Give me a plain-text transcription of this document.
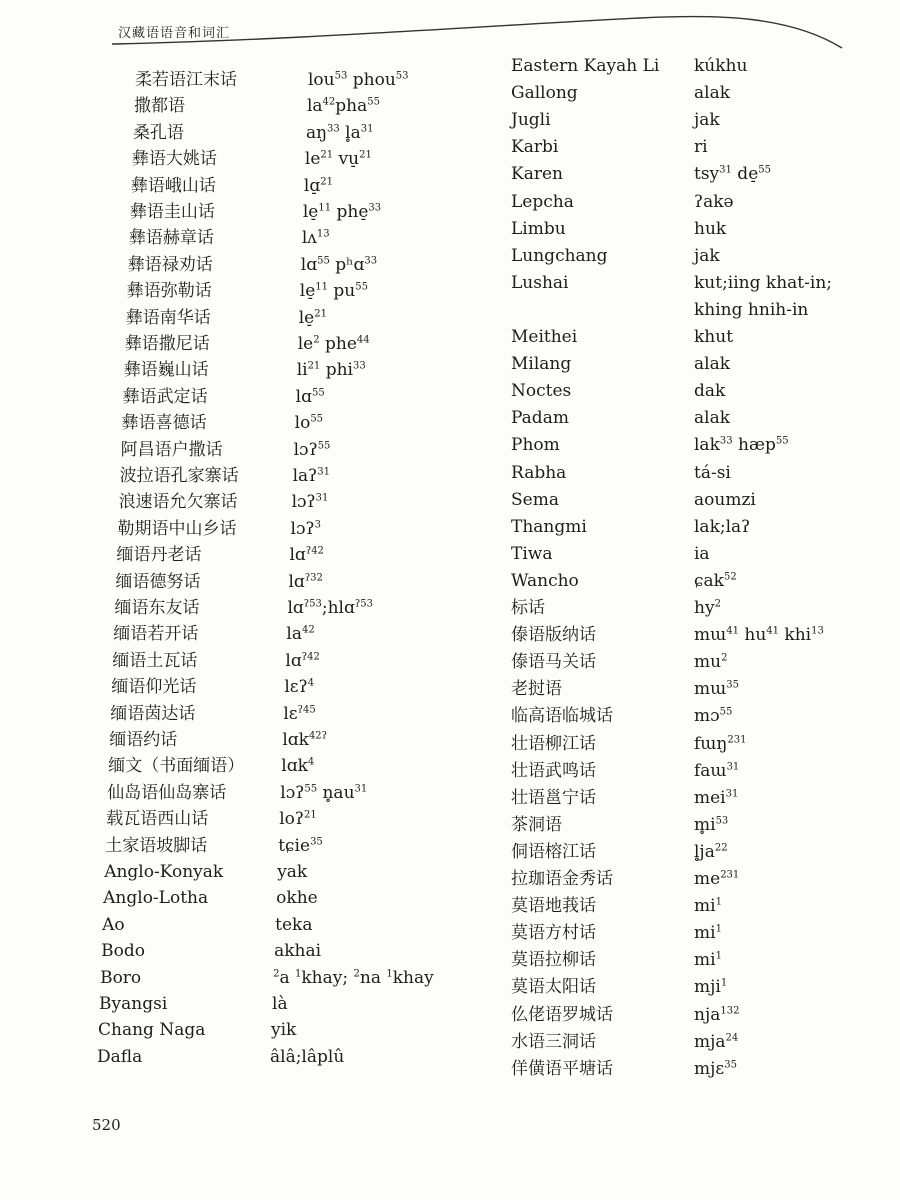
汉藏语语音和词汇
柔若语江末话	lou$^{53}$ phou$^{53}$
撒都语	$la^{42}pha^{55}$
桑孔语	$aŋ^{33}$ $l̥a^{31}$
彝语大姚话	$le^{21}$ vu̠$^{21}$
彝语峨山话	lɑ̠$^{21}$
彝语圭山话	le̠$^{11}$ phe̠$^{33}$
彝语赫章话	lʌ$^{13}$
彝语禄劝话	lɑ$^{55}$ pʰɑ$^{33}$
彝语弥勒话	le̠$^{11}$ $pu^{55}$
彝语南华话	le̠$^{21}$
彝语撒尼话	$le^2$ phe$^{44}$
彝语巍山话	$li^{21}$ phi$^{33}$
彝语武定话	lɑ$^{55}$
彝语喜德话	$lo^{55}$
阿昌语户撒话	lɔʔ$^{55}$
波拉语孔家寨话	laʔ$^{31}$
浪速语允欠寨话	lɔʔ$^{31}$
勒期语中山乡话	lɔʔ$^3$
缅语丹老话	lɑ$^{ʔ42}$
缅语德努话	lɑ$^{ʔ32}$
缅语东友话	lɑ$^{ʔ53}$;hlɑ$^{ʔ53}$
缅语若开话	$la^{42}$
缅语土瓦话	lɑ$^{ʔ42}$
缅语仰光话	lɛʔ$^4$
缅语茵达话	lɛ$^{ʔ45}$
缅语约话	lɑk$^{42ʔ}$
缅文（书面缅语） lɑk$^4$
仙岛语仙岛寨话	lɔʔ$^{55}$ $n̥au^{31}$
载瓦语西山话	loʔ$^{21}$
土家语坡脚话	tɕie$^{35}$
Anglo-Konyak	yak
Anglo-Lotha	okhe
Ao	teka
Bodo	akhai
Boro	$^2$a $^1$khay; $^2$na $^1$khay
Byangsi	là
Chang Naga	yik
Dafla	âlâ;lâplû
Eastern Kayah Li kúkhu
Gallong	alak
Jugli	jak
Karbi	ri
Karen	tsy$^{31}$ de̠$^{55}$
Lepcha	ʔakə
Limbu	huk
Lungchang	jak
Lushai	kut;iing khat-in;
khing hnih-in
Meithei	khut
Milang	alak
Noctes	dak
Padam	alak
Phom	lak$^{33}$ hæp$^{55}$
Rabha	tá-si
Sema	aoumzi
Thangmi	lak;laʔ
Tiwa	ia
Wancho	ɕak$^{52}$
标话	$hy^2$
傣语版纳话	mɯ$^{41}$ $hu^{41}$ khi$^{13}$
傣语马关话	$mu^2$
老挝语	mɯ$^{35}$
临高语临城话	mɔ$^{55}$
壮语柳江话	fɯŋ$^{231}$
壮语武鸣话	faɯ$^{31}$
壮语邕宁话	mei$^{31}$
茶洞语	$m̥i^{53}$
侗语榕江话	$l̥ja^{22}$
拉珈语金秀话	$me^{231}$
莫语地莪话	$mi^1$
莫语方村话	$mi^1$
莫语拉柳话	$mi^1$
莫语太阳话	mji$^1$
仫佬语罗城话	nja$^{132}$
水语三洞话	mja$^{24}$
佯僙语平塘话	mjɛ$^{35}$
520
